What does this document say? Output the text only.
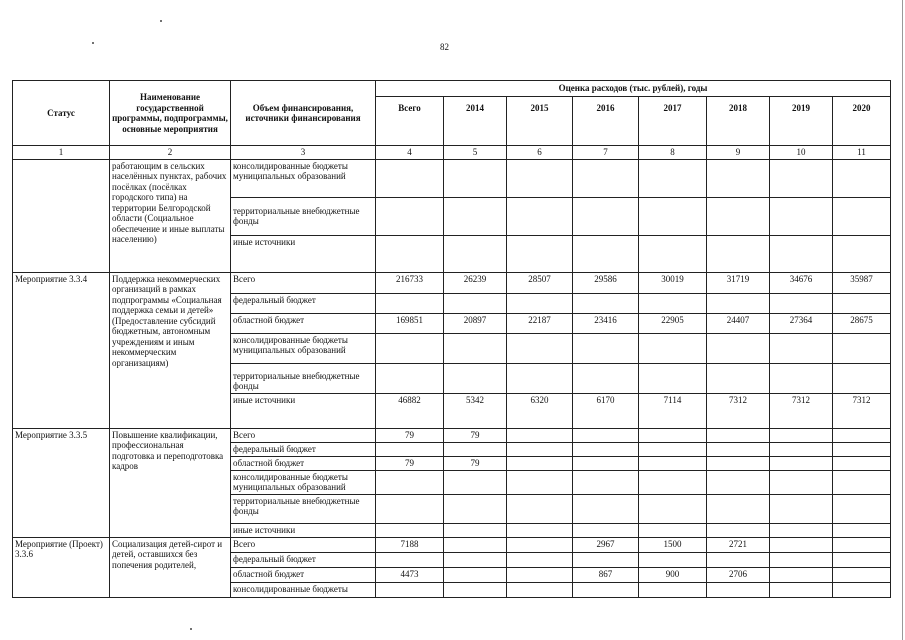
82
Статус	Наименование государственной программы, подпрограммы, основные мероприятия	Объем финансирования, источники финансирования	Оценка расходов (тыс. рублей), годы							
			Всего	2014	2015	2016	2017	2018	2019	2020
1	2	3	4	5	6	7	8	9	10	11
	работающим в сельских населённых пунктах, рабочих посёлках (посёлках городского типа) на территории Белгородской области (Социальное обеспечение и иные выплаты населению)	консолидированные бюджеты муниципальных образований								
		территориальные внебюджетные фонды								
		иные источники								
Мероприятие 3.3.4	Поддержка некоммерческих организаций в рамках подпрограммы «Социальная поддержка семьи и детей» (Предоставление субсидий бюджетным, автономным учреждениям и иным некоммерческим организациям)	Всего	216733	26239	28507	29586	30019	31719	34676	35987
		федеральный бюджет								
		областной бюджет	169851	20897	22187	23416	22905	24407	27364	28675
		консолидированные бюджеты муниципальных образований								
		территориальные внебюджетные фонды								
		иные источники	46882	5342	6320	6170	7114	7312	7312	7312
Мероприятие 3.3.5	Повышение квалификации, профессиональная подготовка и переподготовка кадров	Всего	79	79						
		федеральный бюджет								
		областной бюджет	79	79						
		консолидированные бюджеты муниципальных образований								
		территориальные внебюджетные фонды								
		иные источники								
Мероприятие (Проект) 3.3.6	Социализация детей-сирот и детей, оставшихся без попечения родителей,	Всего	7188			2967	1500	2721		
		федеральный бюджет								
		областной бюджет	4473			867	900	2706		
		консолидированные бюджеты								
